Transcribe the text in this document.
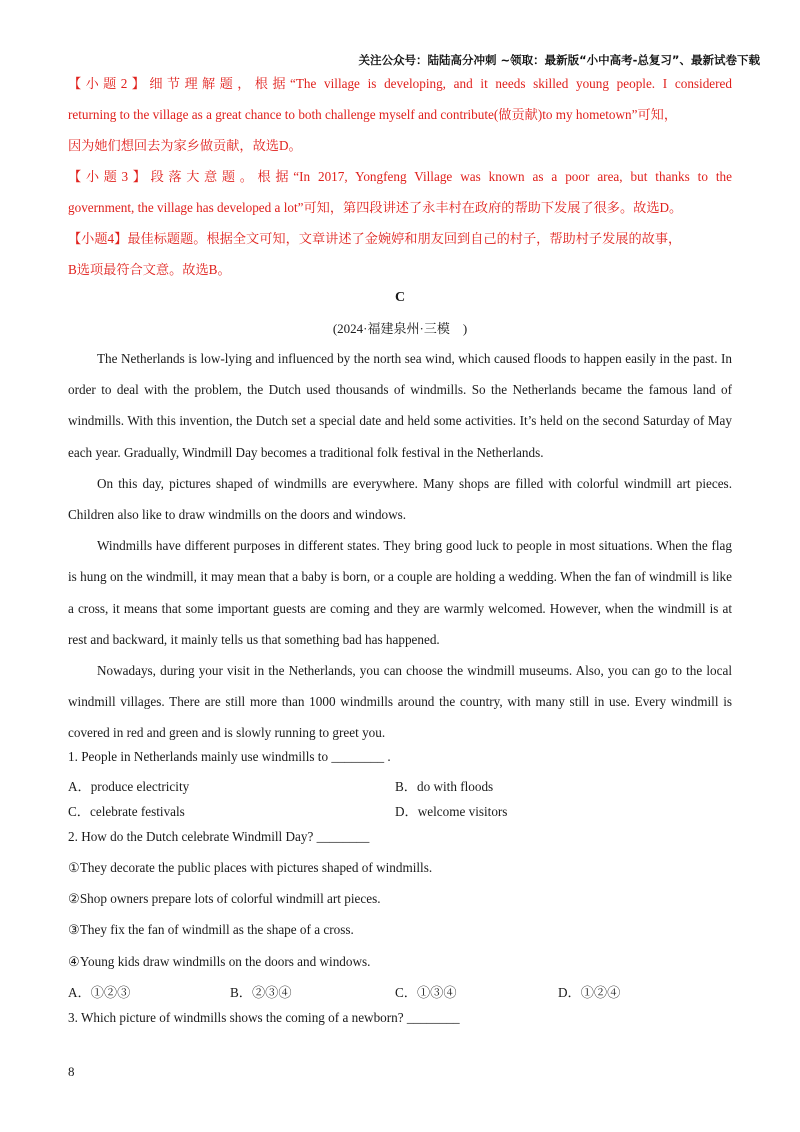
关注公众号：陆陆高分冲刺 ~领取：最新版“小中高考-总复习”、最新试卷下载
【小题2】细节理解题，根据“The village is developing, and it needs skilled young people. I considered
returning to the village as a great chance to both challenge myself and contribute(做贡献)to my hometown”可知，
因为她们想回去为家乡做贡献，故选D。
【小题3】段落大意题。根据“In 2017, Yongfeng Village was known as a poor area, but thanks to the
government, the village has developed a lot”可知，第四段讲述了永丰村在政府的帮助下发展了很多。故选D。
【小题4】最佳标题题。根据全文可知，文章讲述了金婉婷和朋友回到自己的村子，帮助村子发展的故事，
B选项最符合文意。故选B。
C
(2024·福建泉州·三模　)

The Netherlands is low-lying and influenced by the north sea wind, which caused floods to happen easily in the past. In order to deal with the problem, the Dutch used thousands of windmills. So the Netherlands became the famous land of windmills. With this invention, the Dutch set a special date and held some activities. It’s held on the second Saturday of May each year. Gradually, Windmill Day becomes a traditional folk festival in the Netherlands.

On this day, pictures shaped of windmills are everywhere. Many shops are filled with colorful windmill art pieces. Children also like to draw windmills on the doors and windows.

Windmills have different purposes in different states. They bring good luck to people in most situations. When the flag is hung on the windmill, it may mean that a baby is born, or a couple are holding a wedding. When the fan of windmill is like a cross, it means that some important guests are coming and they are warmly welcomed. However, when the windmill is at rest and backward, it mainly tells us that something bad has happened.

Nowadays, during your visit in the Netherlands, you can choose the windmill museums. Also, you can go to the local windmill villages. There are still more than 1000 windmills around the country, with many still in use. Every windmill is covered in red and green and is slowly running to greet you.

1. People in Netherlands mainly use windmills to ________ .
A．produce electricity	B．do with floods
C．celebrate festivals	D．welcome visitors
2. How do the Dutch celebrate Windmill Day? ________
①They decorate the public places with pictures shaped of windmills.
②Shop owners prepare lots of colorful windmill art pieces.
③They fix the fan of windmill as the shape of a cross.
④Young kids draw windmills on the doors and windows.
A．①②③	B．②③④	C．①③④	D．①②④
3. Which picture of windmills shows the coming of a newborn? ________
8
